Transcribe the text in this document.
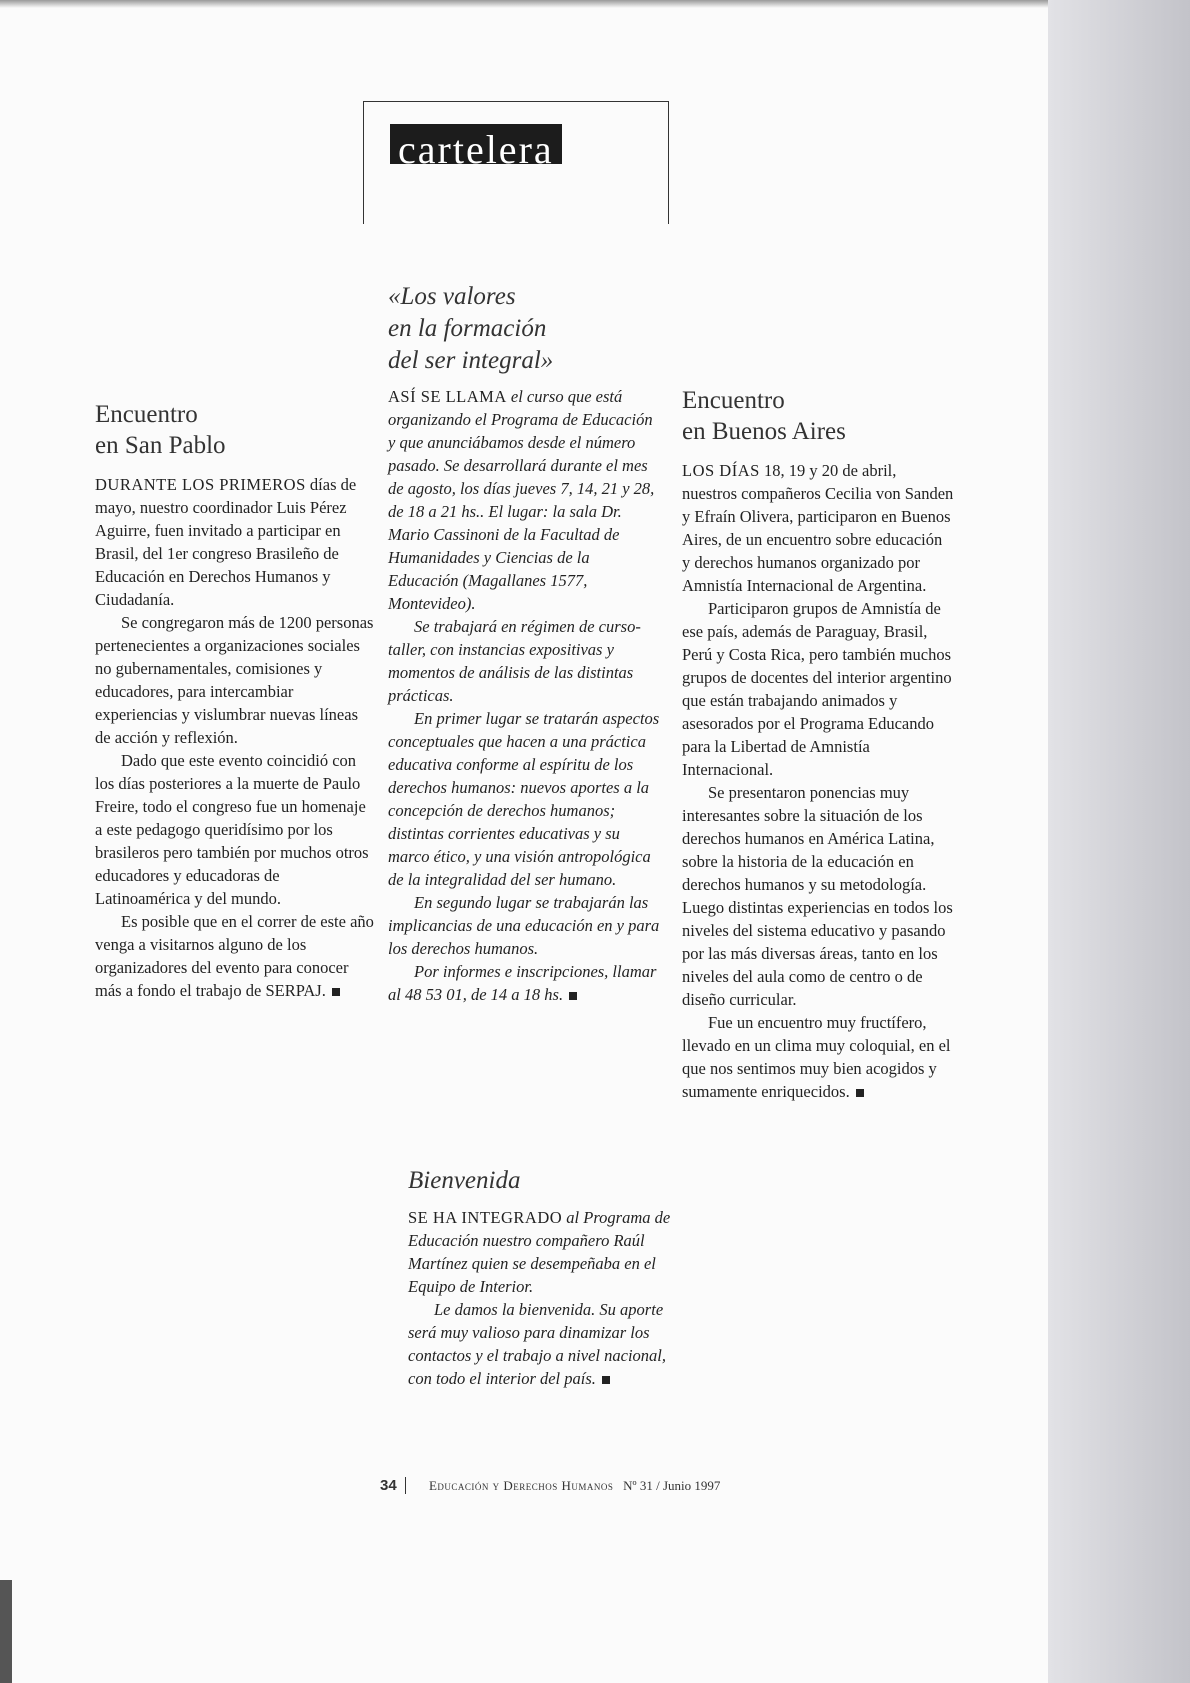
cartelera
Encuentro
en San Pablo

DURANTE LOS PRIMEROS días de mayo, nuestro coordinador Luis Pérez Aguirre, fuen invitado a participar en Brasil, del 1er congreso Brasileño de Educación en Derechos Humanos y Ciudadanía.

Se congregaron más de 1200 personas pertenecientes a organizaciones sociales no gubernamentales, comisiones y educadores, para intercambiar experiencias y vislumbrar nuevas líneas de acción y reflexión.

Dado que este evento coincidió con los días posteriores a la muerte de Paulo Freire, todo el congreso fue un homenaje a este pedagogo queridísimo por los brasileros pero también por muchos otros educadores y educadoras de Latinoamérica y del mundo.

Es posible que en el correr de este año venga a visitarnos alguno de los organizadores del evento para conocer más a fondo el trabajo de SERPAJ.

«Los valores
en la formación
del ser integral»

ASÍ SE LLAMA el curso que está organizando el Programa de Educación y que anunciábamos desde el número pasado. Se desarrollará durante el mes de agosto, los días jueves 7, 14, 21 y 28, de 18 a 21 hs.. El lugar: la sala Dr. Mario Cassinoni de la Facultad de Humanidades y Ciencias de la Educación (Magallanes 1577, Montevideo).

Se trabajará en régimen de curso-taller, con instancias expositivas y momentos de análisis de las distintas prácticas.

En primer lugar se tratarán aspectos conceptuales que hacen a una práctica educativa conforme al espíritu de los derechos humanos: nuevos aportes a la concepción de derechos humanos; distintas corrientes educativas y su marco ético, y una visión antropológica de la integralidad del ser humano.

En segundo lugar se trabajarán las implicancias de una educación en y para los derechos humanos.

Por informes e inscripciones, llamar al 48 53 01, de 14 a 18 hs.

Bienvenida

SE HA INTEGRADO al Programa de Educación nuestro compañero Raúl Martínez quien se desempeñaba en el Equipo de Interior.

Le damos la bienvenida. Su aporte será muy valioso para dinamizar los contactos y el trabajo a nivel nacional, con todo el interior del país.

Encuentro
en Buenos Aires

LOS DÍAS 18, 19 y 20 de abril, nuestros compañeros Cecilia von Sanden y Efraín Olivera, participaron en Buenos Aires, de un encuentro sobre educación y derechos humanos organizado por Amnistía Internacional de Argentina.

Participaron grupos de Amnistía de ese país, además de Paraguay, Brasil, Perú y Costa Rica, pero también muchos grupos de docentes del interior argentino que están trabajando animados y asesorados por el Programa Educando para la Libertad de Amnistía Internacional.

Se presentaron ponencias muy interesantes sobre la situación de los derechos humanos en América Latina, sobre la historia de la educación en derechos humanos y su metodología. Luego distintas experiencias en todos los niveles del sistema educativo y pasando por las más diversas áreas, tanto en los niveles del aula como de centro o de diseño curricular.

Fue un encuentro muy fructífero, llevado en un clima muy coloquial, en el que nos sentimos muy bien acogidos y sumamente enriquecidos.

34 Educación y Derechos Humanos Nº 31 / Junio 1997
